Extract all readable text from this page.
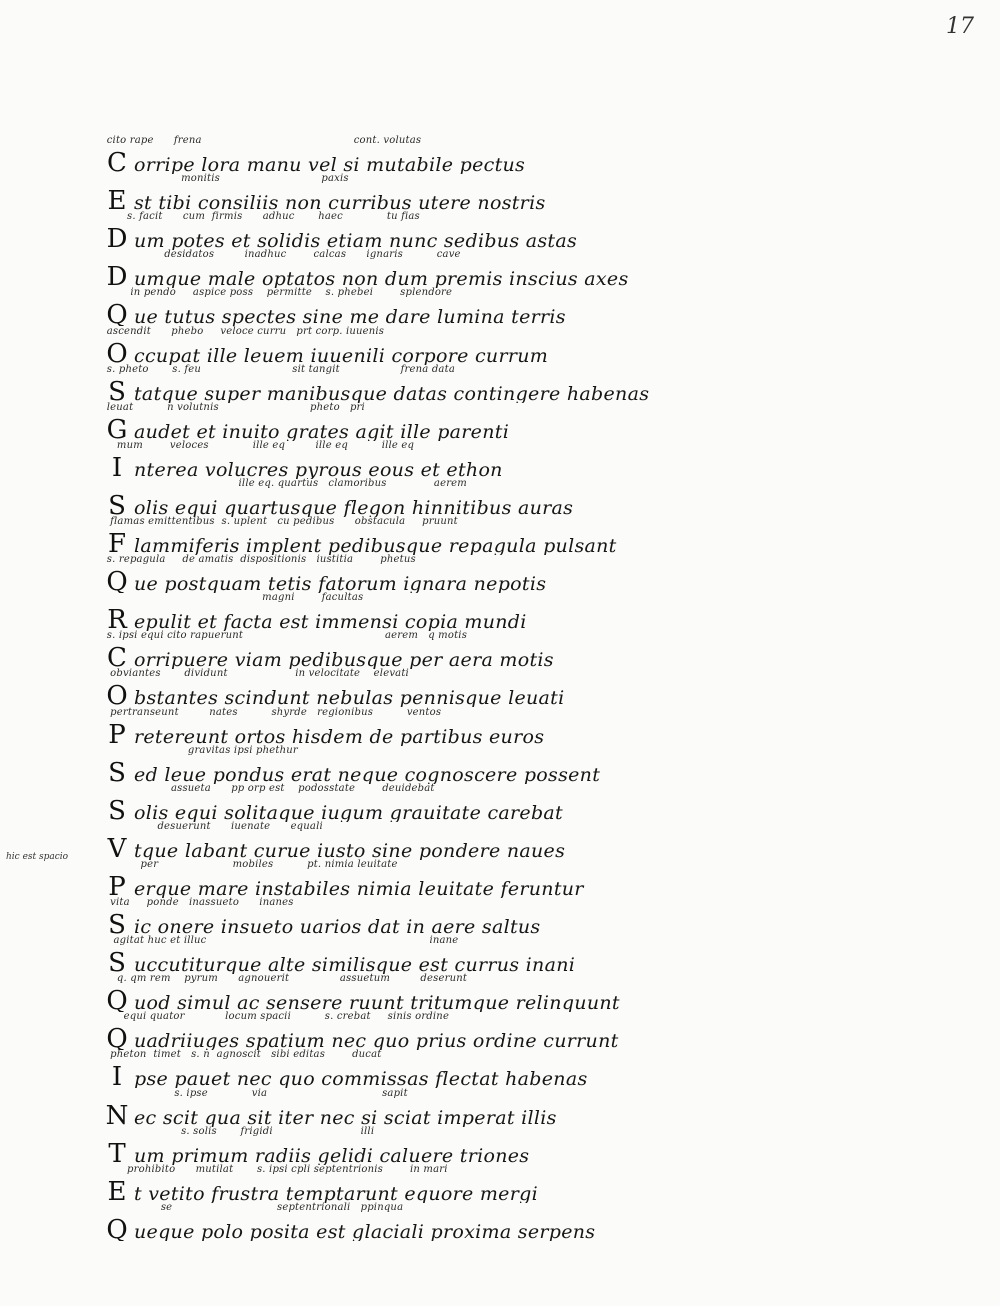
17
hic est spacio
cito rape      frena                                             cont. volutas
C orripe lora manu vel si mutabile pectus
monitis                              paxis
E st tibi consiliis non curribus utere nostris
s. facit      cum  firmis      adhuc       haec             tu fias
D um potes et solidis etiam nunc sedibus astas
desidatos         inadhuc        calcas      ignaris          cave
D umque male optatos non dum premis inscius axes
in pendo     aspice poss    permitte    s. phebei        splendore
Q ue tutus spectes sine me dare lumina terris
ascendit      phebo     veloce curru   prt corp. iuuenis
O ccupat ille leuem iuuenili corpore currum
s. pheto       s. feu                           sit tangit                  frena data
S tatque super manibusque datas contingere habenas
leuat          n volutnis                           pheto   pri
G audet et inuito grates agit ille parenti
mum        veloces             ille eq         ille eq          ille eq
I nterea volucres pyrous eous et ethon
ille eq. quartus   clamoribus              aerem
S olis equi quartusque flegon hinnitibus auras
flamas emittentibus  s. uplent   cu pedibus      obstacula     pruunt
F lammiferis implent pedibusque repagula pulsant
s. repagula     de amatis  dispositionis   iustitia        phetus
Q ue postquam tetis fatorum ignara nepotis
magni        facultas
R epulit et facta est immensi copia mundi
s. ipsi equi cito rapuerunt                                          aerem   q motis
C orripuere viam pedibusque per aera motis
obviantes       dividunt                    in velocitate    elevati
O bstantes scindunt nebulas pennisque leuati
pertranseunt         nates          shyrde   regionibus          ventos
P retereunt ortos hisdem de partibus euros
gravitas ipsi phethur
S ed leue pondus erat neque cognoscere possent
assueta      pp orp est    podosstate        deuidebat
S olis equi solitaque iugum grauitate carebat
desuerunt      iuenate      equali
V tque labant curue iusto sine pondere naues
per                      mobiles          pt. nimia leuitate
P erque mare instabiles nimia leuitate feruntur
vita     ponde   inassueto      inanes
S ic onere insueto uarios dat in aere saltus
agitat huc et illuc                                                                  inane
S uccutiturque alte similisque est currus inani
q. qm rem    pyrum      agnouerit               assuetum         deserunt
Q uod simul ac sensere ruunt tritumque relinquunt
equi quator            locum spacii          s. crebat     sinis ordine
Q uadriiuges spatium nec quo prius ordine currunt
pheton  timet   s. n  agnoscit   sibi editas        ducat
I pse pauet nec quo commissas flectat habenas
s. ipse             via                                  sapit
N ec scit qua sit iter nec si sciat imperat illis
s. solis       frigidi                          illi
T um primum radiis gelidi caluere triones
prohibito      mutilat       s. ipsi cpli septentrionis        in mari
E t vetito frustra temptarunt equore mergi
se                               septentrionali   ppinqua
Q ueque polo posita est glaciali proxima serpens
